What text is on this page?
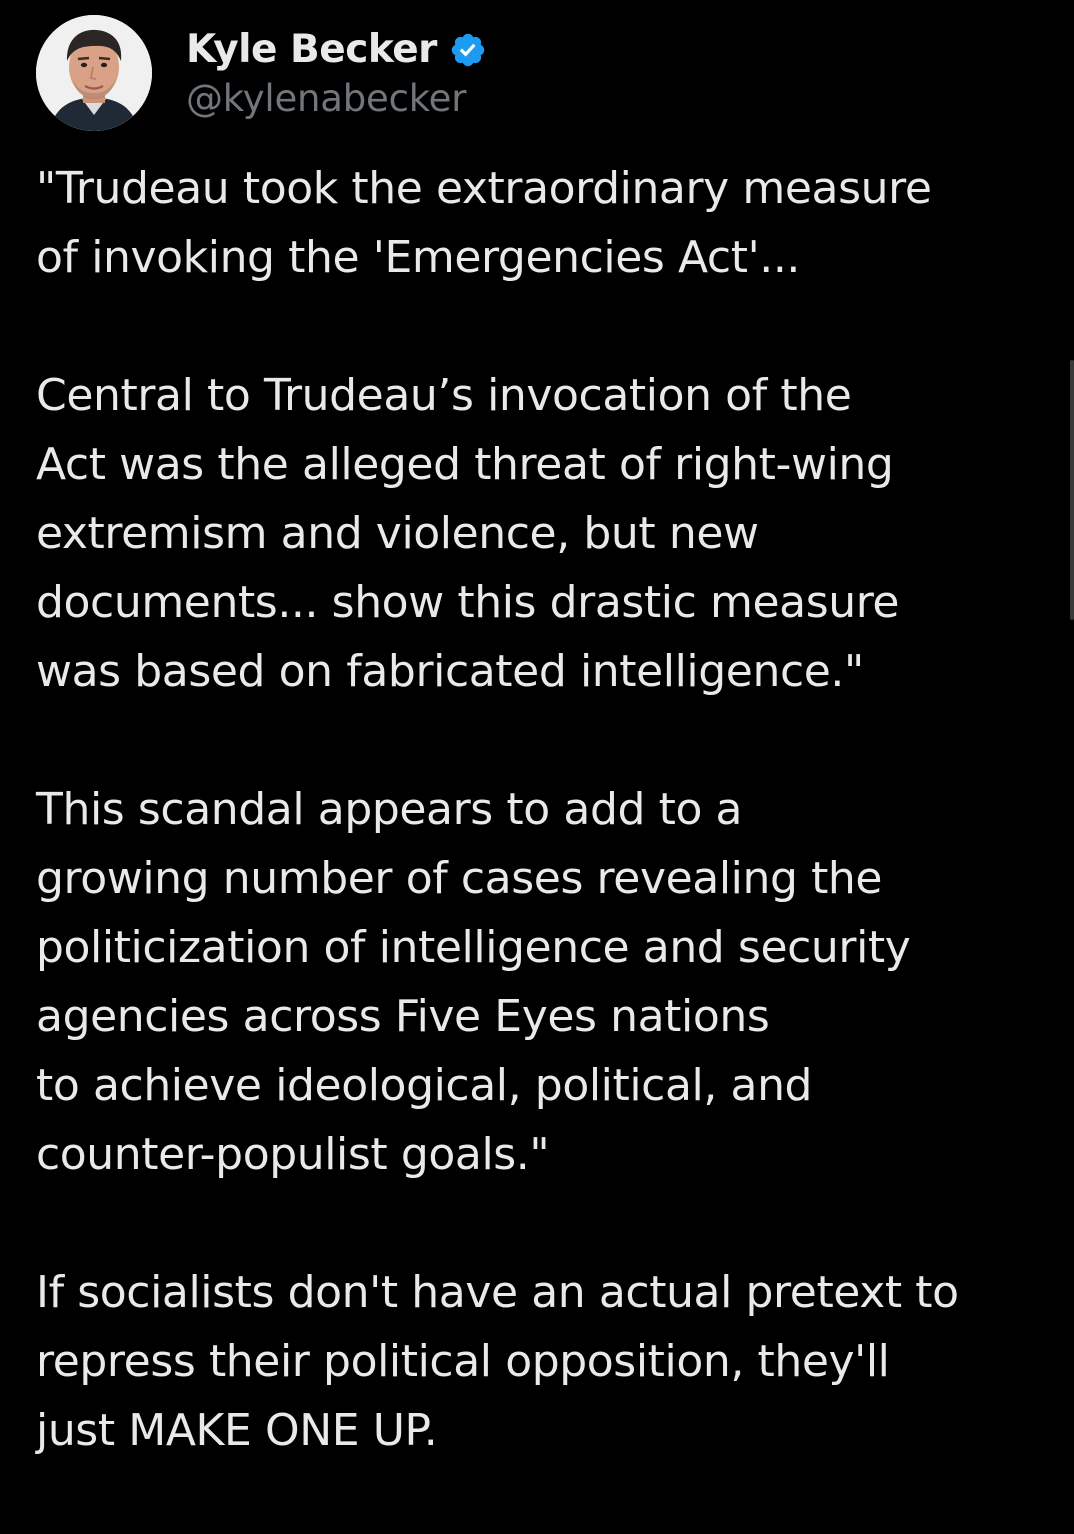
Kyle Becker
@kylenabecker

"Trudeau took the extraordinary measure
of invoking the 'Emergencies Act'...

Central to Trudeau’s invocation of the
Act was the alleged threat of right-wing
extremism and violence, but new
documents... show this drastic measure
was based on fabricated intelligence."

This scandal appears to add to a
growing number of cases revealing the
politicization of intelligence and security
agencies across Five Eyes nations
to achieve ideological, political, and
counter-populist goals."

If socialists don't have an actual pretext to
repress their political opposition, they'll
just MAKE ONE UP.
